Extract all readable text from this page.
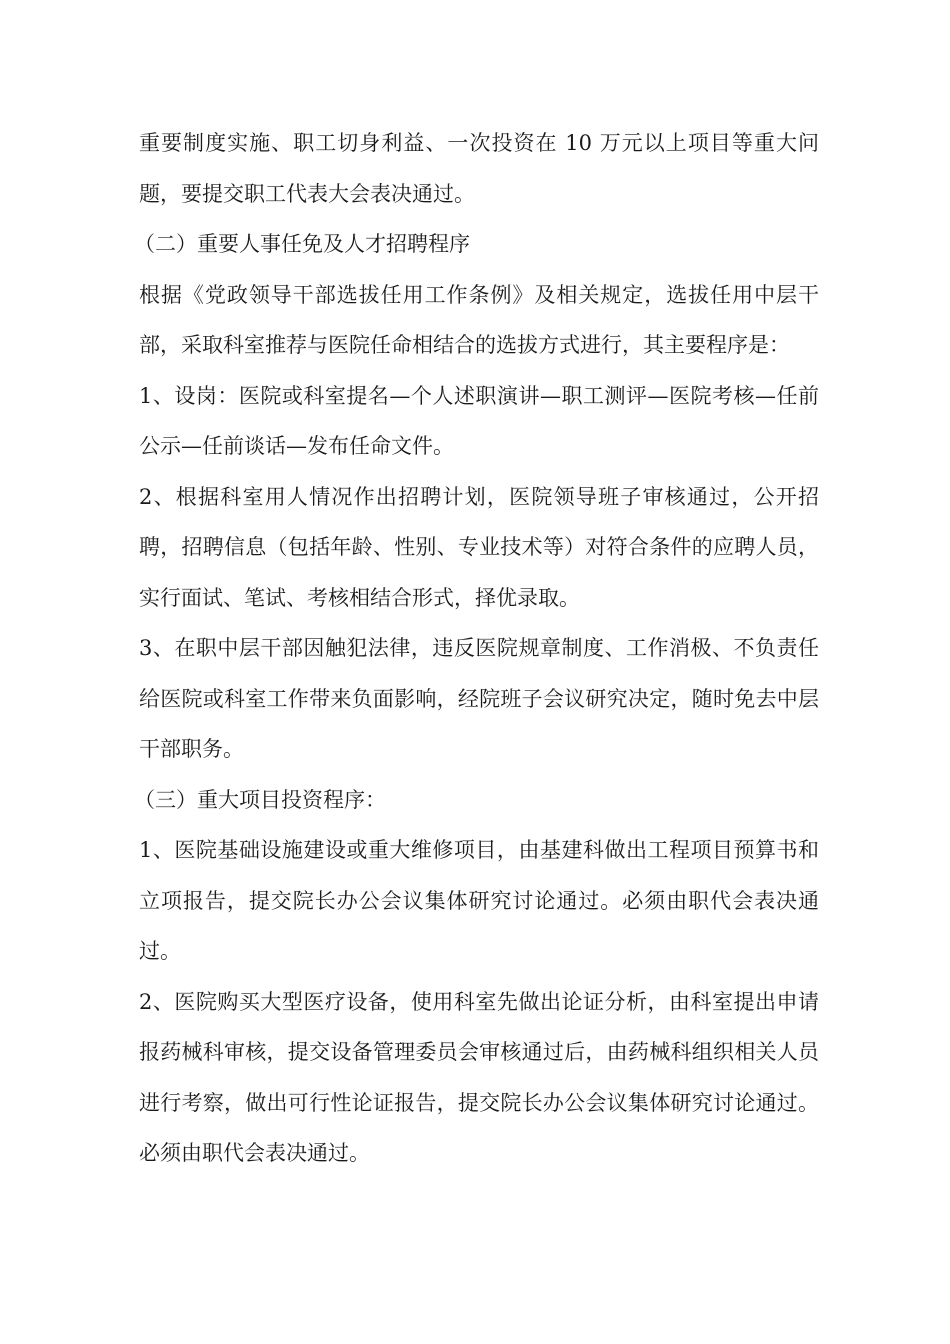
重要制度实施、职工切身利益、一次投资在 10 万元以上项目等重大问题，要提交职工代表大会表决通过。

（二）重要人事任免及人才招聘程序

根据《党政领导干部选拔任用工作条例》及相关规定，选拔任用中层干部，采取科室推荐与医院任命相结合的选拔方式进行，其主要程序是：

1、设岗：医院或科室提名—个人述职演讲—职工测评—医院考核—任前公示—任前谈话—发布任命文件。

2、根据科室用人情况作出招聘计划，医院领导班子审核通过，公开招聘，招聘信息（包括年龄、性别、专业技术等）对符合条件的应聘人员，实行面试、笔试、考核相结合形式，择优录取。

3、在职中层干部因触犯法律，违反医院规章制度、工作消极、不负责任给医院或科室工作带来负面影响，经院班子会议研究决定，随时免去中层干部职务。

（三）重大项目投资程序：

1、医院基础设施建设或重大维修项目，由基建科做出工程项目预算书和立项报告，提交院长办公会议集体研究讨论通过。必须由职代会表决通过。

2、医院购买大型医疗设备，使用科室先做出论证分析，由科室提出申请报药械科审核，提交设备管理委员会审核通过后，由药械科组织相关人员进行考察，做出可行性论证报告，提交院长办公会议集体研究讨论通过。必须由职代会表决通过。
